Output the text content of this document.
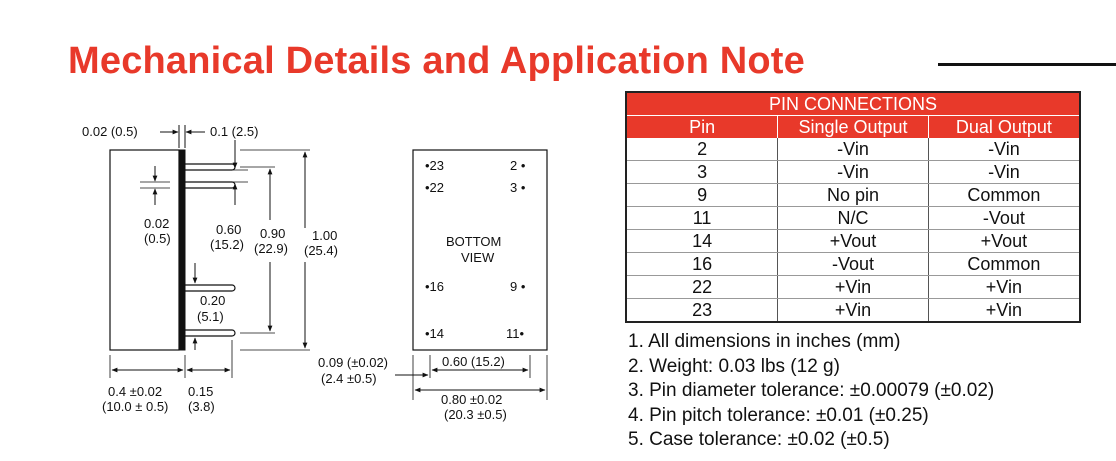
Mechanical Details and Application Note
0.02 (0.5)	0.1 (2.5)
0.02
(0.5)
0.60
(15.2)
0.90
(22.9)
1.00
(25.4)
0.20
(5.1)
0.4 ±0.02
(10.0 ± 0.5)
0.15
(3.8)
•23
•22
2 •
3 •
BOTTOM
VIEW
•16	9 •
•14	11•
0.09 (±0.02)
(2.4 ±0.5)
0.60 (15.2)
0.80 ±0.02
(20.3 ±0.5)
PIN CONNECTIONS		
Pin	Single Output	Dual Output
2	-Vin	-Vin
3	-Vin	-Vin
9	No pin	Common
11	N/C	-Vout
14	+Vout	+Vout
16	-Vout	Common
22	+Vin	+Vin
23	+Vin	+Vin
1. All dimensions in inches (mm)
2. Weight: 0.03 lbs (12 g)
3. Pin diameter tolerance: ±0.00079 (±0.02)
4. Pin pitch tolerance: ±0.01 (±0.25)
5. Case tolerance: ±0.02 (±0.5)
